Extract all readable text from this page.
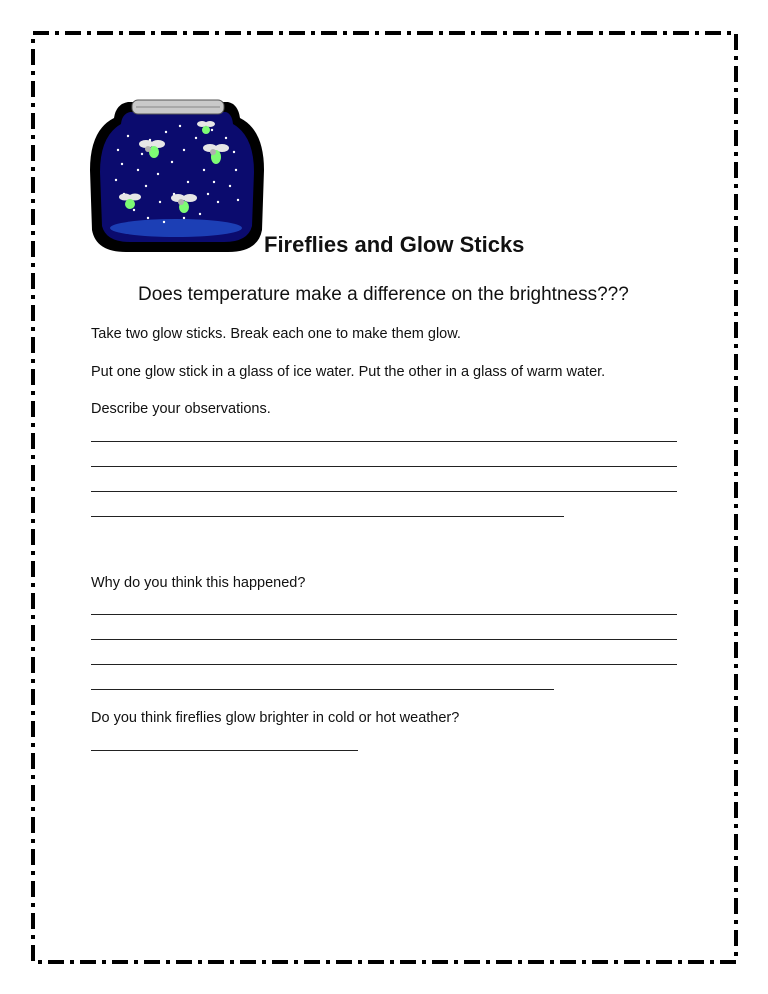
Fireflies and Glow Sticks
Does temperature make a difference on the brightness???
Take two glow sticks. Break each one to make them glow.
Put one glow stick in a glass of ice water. Put the other in a glass of warm water.
Describe your observations.
Why do you think this happened?
Do you think fireflies glow brighter in cold or hot weather?
